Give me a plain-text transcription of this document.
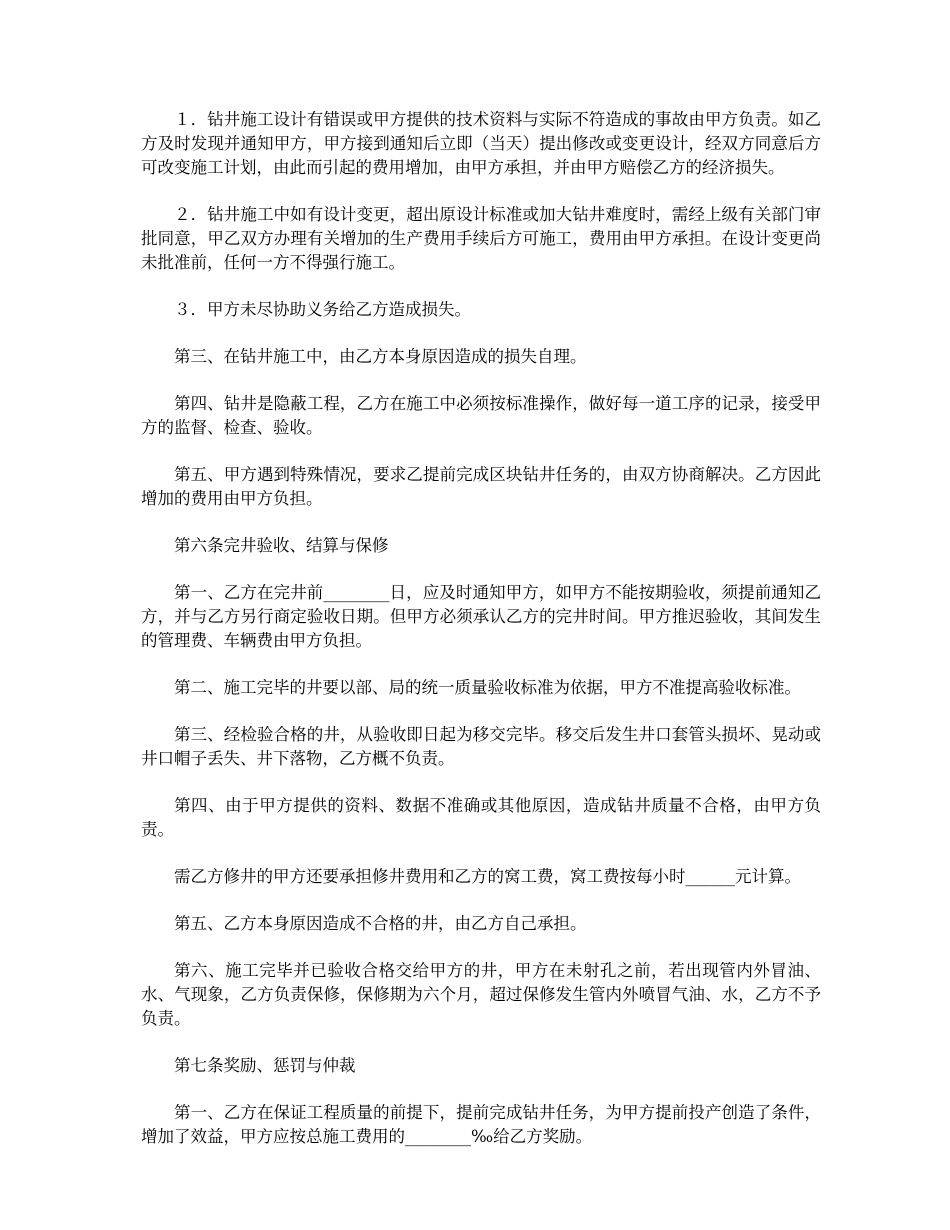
１．钻井施工设计有错误或甲方提供的技术资料与实际不符造成的事故由甲方负责。如乙方及时发现并通知甲方，甲方接到通知后立即（当天）提出修改或变更设计，经双方同意后方可改变施工计划，由此而引起的费用增加，由甲方承担，并由甲方赔偿乙方的经济损失。

２．钻井施工中如有设计变更，超出原设计标准或加大钻井难度时，需经上级有关部门审批同意，甲乙双方办理有关增加的生产费用手续后方可施工，费用由甲方承担。在设计变更尚未批准前，任何一方不得强行施工。

３．甲方未尽协助义务给乙方造成损失。

第三、在钻井施工中，由乙方本身原因造成的损失自理。

第四、钻井是隐蔽工程，乙方在施工中必须按标准操作，做好每一道工序的记录，接受甲方的监督、检查、验收。

第五、甲方遇到特殊情况，要求乙提前完成区块钻井任务的，由双方协商解决。乙方因此增加的费用由甲方负担。

第六条完井验收、结算与保修

第一、乙方在完井前________日，应及时通知甲方，如甲方不能按期验收，须提前通知乙方，并与乙方另行商定验收日期。但甲方必须承认乙方的完井时间。甲方推迟验收，其间发生的管理费、车辆费由甲方负担。

第二、施工完毕的井要以部、局的统一质量验收标准为依据，甲方不准提高验收标准。

第三、经检验合格的井，从验收即日起为移交完毕。移交后发生井口套管头损坏、晃动或井口帽子丢失、井下落物，乙方概不负责。

第四、由于甲方提供的资料、数据不准确或其他原因，造成钻井质量不合格，由甲方负责。

需乙方修井的甲方还要承担修井费用和乙方的窝工费，窝工费按每小时______元计算。

第五、乙方本身原因造成不合格的井，由乙方自己承担。

第六、施工完毕并已验收合格交给甲方的井，甲方在未射孔之前，若出现管内外冒油、水、气现象，乙方负责保修，保修期为六个月，超过保修发生管内外喷冒气油、水，乙方不予负责。

第七条奖励、惩罚与仲裁

第一、乙方在保证工程质量的前提下，提前完成钻井任务，为甲方提前投产创造了条件，增加了效益，甲方应按总施工费用的________‰给乙方奖励。
